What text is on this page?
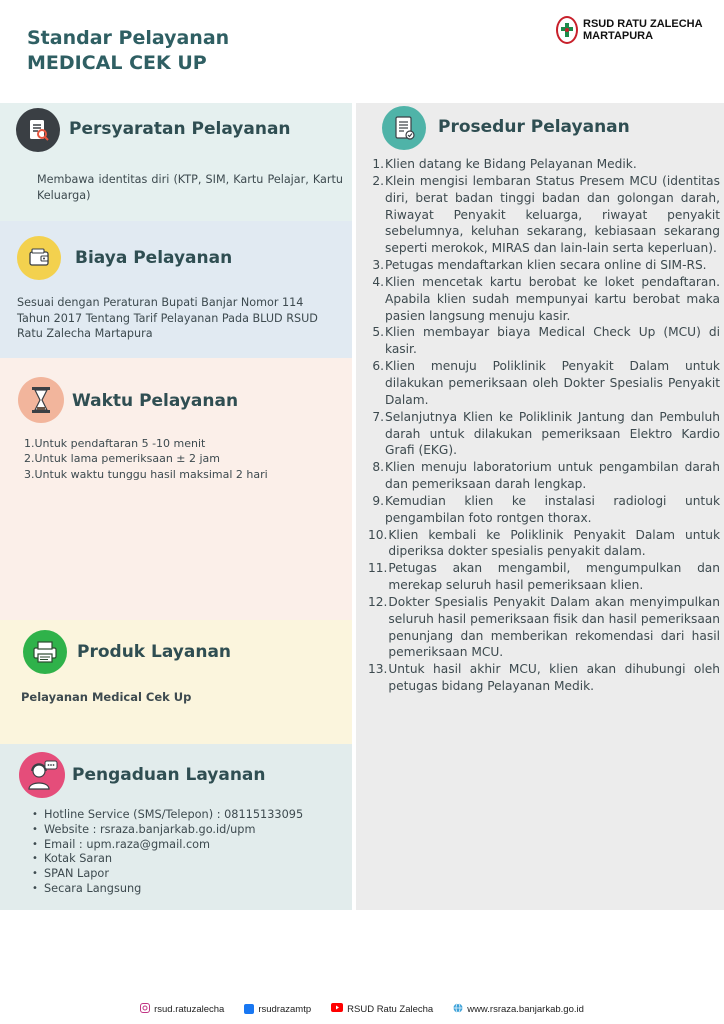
Standar Pelayanan
MEDICAL CEK UP
RSUD RATU ZALECHA
MARTAPURA
Persyaratan Pelayanan
Membawa identitas diri (KTP, SIM, Kartu Pelajar, Kartu Keluarga)
Biaya Pelayanan
Sesuai dengan Peraturan Bupati Banjar Nomor 114 Tahun 2017 Tentang Tarif Pelayanan Pada BLUD RSUD Ratu Zalecha Martapura
Waktu Pelayanan
1. Untuk pendaftaran 5 -10 menit
2. Untuk lama pemeriksaan ± 2 jam
3. Untuk waktu tunggu hasil maksimal 2 hari
Produk Layanan
Pelayanan Medical Cek Up
Pengaduan Layanan
• Hotline Service (SMS/Telepon) : 08115133095
• Website : rsraza.banjarkab.go.id/upm
• Email : upm.raza@gmail.com
• Kotak Saran
• SPAN Lapor
• Secara Langsung
Prosedur Pelayanan
1. Klien datang ke Bidang Pelayanan Medik.
2. Klein mengisi lembaran Status Presem MCU (identitas diri, berat badan tinggi badan dan golongan darah, Riwayat Penyakit keluarga, riwayat penyakit sebelumnya, keluhan sekarang, kebiasaan sekarang seperti merokok, MIRAS dan lain-lain serta keperluan).
3. Petugas mendaftarkan klien secara online di SIM-RS.
4. Klien mencetak kartu berobat ke loket pendaftaran. Apabila klien sudah mempunyai kartu berobat maka pasien langsung menuju kasir.
5. Klien membayar biaya Medical Check Up (MCU) di kasir.
6. Klien menuju Poliklinik Penyakit Dalam untuk dilakukan pemeriksaan oleh Dokter Spesialis Penyakit Dalam.
7. Selanjutnya Klien ke Poliklinik Jantung dan Pembuluh darah untuk dilakukan pemeriksaan Elektro Kardio Grafi (EKG).
8. Klien menuju laboratorium untuk pengambilan darah dan pemeriksaan darah lengkap.
9. Kemudian klien ke instalasi radiologi untuk pengambilan foto rontgen thorax.
10. Klien kembali ke Poliklinik Penyakit Dalam untuk diperiksa dokter spesialis penyakit dalam.
11. Petugas akan mengambil, mengumpulkan dan merekap seluruh hasil pemeriksaan klien.
12. Dokter Spesialis Penyakit Dalam akan menyimpulkan seluruh hasil pemeriksaan fisik dan hasil pemeriksaan penunjang dan memberikan rekomendasi dari hasil pemeriksaan MCU.
13. Untuk hasil akhir MCU, klien akan dihubungi oleh petugas bidang Pelayanan Medik.
rsud.ratuzalecha	rsudrazamtp	RSUD Ratu Zalecha	www.rsraza.banjarkab.go.id
